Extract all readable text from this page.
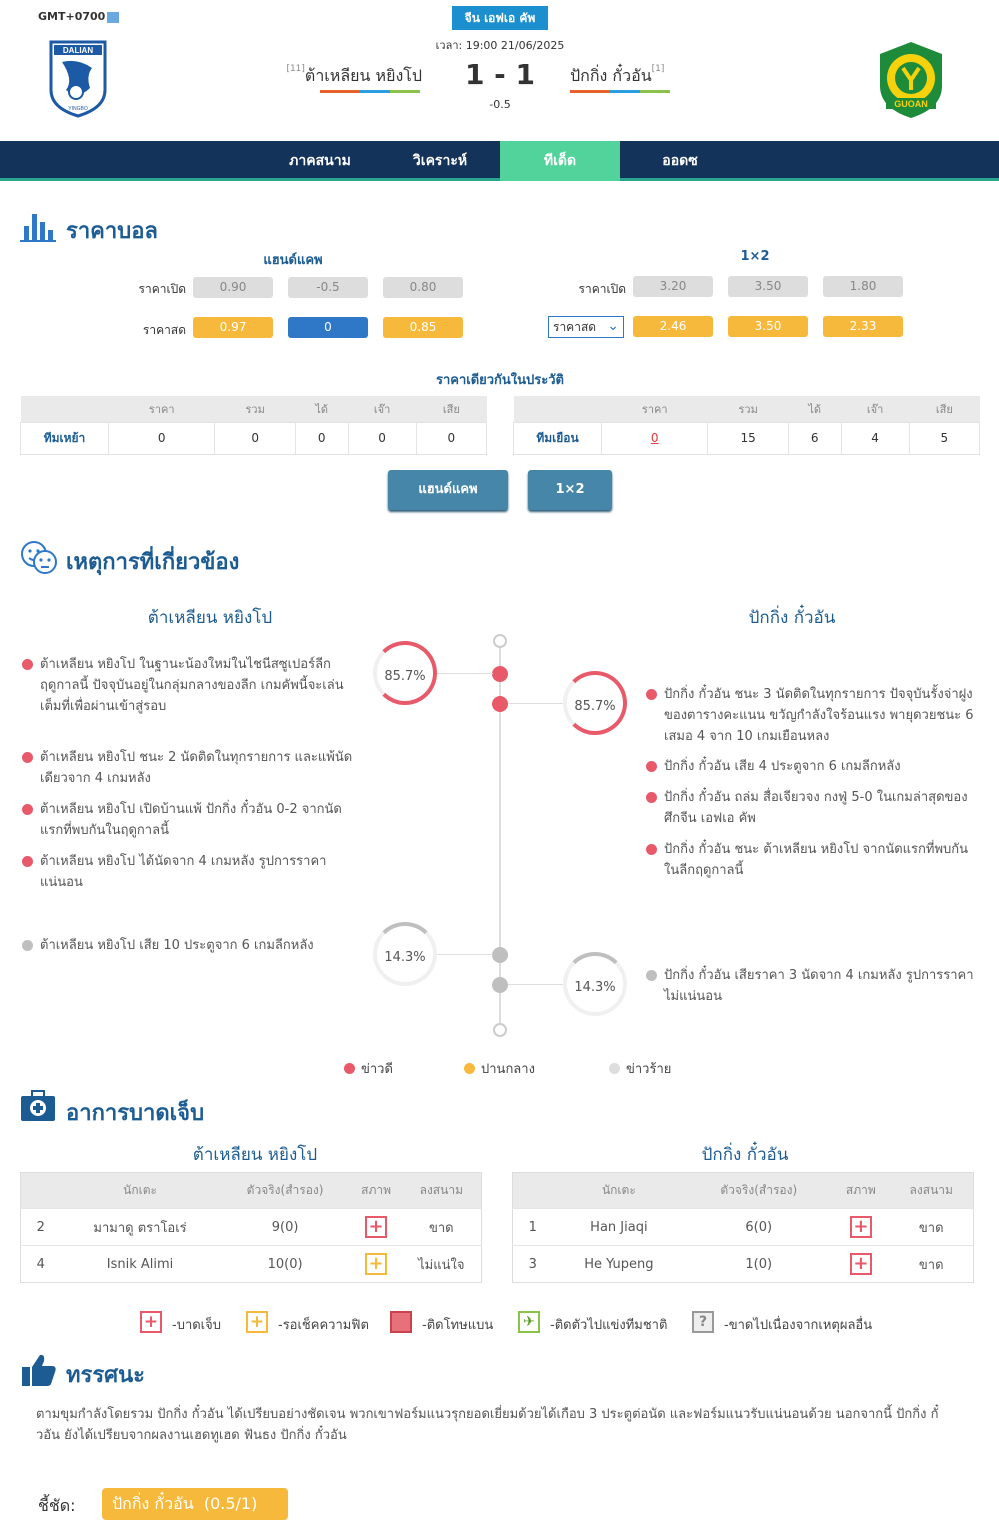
GMT+0700	จีน เอฟเอ คัพ
เวลา: 19:00 21/06/2025
DALIAN
YINGBO
[11]ต้าเหลียน หยิงโป	1 - 1
-0.5
ปักกิ่ง กั๋วอัน[1]
GUOAN
ภาคสนาม	วิเคราะห์	ทีเด็ด	ออดซ
ราคาบอล
แฮนด์แคพ	1×2
ราคาเปิด	0.90	-0.5	0.80
ราคาสด	0.97	0	0.85
ราคาเปิด	3.20	3.50	1.80
ราคาสด ⌄	2.46	3.50	2.33
ราคาเดียวกันในประวัติ
	ราคา	รวม	ได้	เจ๊า	เสีย
ทีมเหย้า	0	0	0	0	0
	ราคา	รวม	ได้	เจ๊า	เสีย
ทีมเยือน	0	15	6	4	5
แฮนด์แคพ	1×2
เหตุการที่เกี่ยวข้อง
ต้าเหลียน หยิงโป	ปักกิ่ง กั๋วอัน
85.7%
85.7%
14.3%
14.3%
ต้าเหลียน หยิงโป ในฐานะน้องใหม่ในไชนีสซูเปอร์ลีกฤดูกาลนี้ ปัจจุบันอยู่ในกลุ่มกลางของลีก เกมคัพนี้จะเล่นเต็มที่เพื่อผ่านเข้าสู่รอบ
ต้าเหลียน หยิงโป ชนะ 2 นัดติดในทุกรายการ และแพ้นัดเดียวจาก 4 เกมหลัง
ต้าเหลียน หยิงโป เปิดบ้านแพ้ ปักกิ่ง กั๋วอัน 0-2 จากนัดแรกที่พบกันในฤดูกาลนี้
ต้าเหลียน หยิงโป ได้นัดจาก 4 เกมหลัง รูปการราคาแน่นอน
ต้าเหลียน หยิงโป เสีย 10 ประตูจาก 6 เกมลีกหลัง
ปักกิ่ง กั๋วอัน ชนะ 3 นัดติดในทุกรายการ ปัจจุบันรั้งจ่าฝูงของตารางคะแนน ขวัญกำลังใจร้อนแรง พายุดวยชนะ 6 เสมอ 4 จาก 10 เกมเยือนหลง
ปักกิ่ง กั๋วอัน เสีย 4 ประตูจาก 6 เกมลีกหลัง
ปักกิ่ง กั๋วอัน ถล่ม สื่อเจียวจง กงฟู่ 5-0 ในเกมล่าสุดของศึกจีน เอฟเอ คัพ
ปักกิ่ง กั๋วอัน ชนะ ต้าเหลียน หยิงโป จากนัดแรกที่พบกันในลีกฤดูกาลนี้
ปักกิ่ง กั๋วอัน เสียราคา 3 นัดจาก 4 เกมหลัง รูปการราคาไม่แน่นอน
ข่าวดี	ปานกลาง	ข่าวร้าย
อาการบาดเจ็บ
ต้าเหลียน หยิงโป	ปักกิ่ง กั๋วอัน
	นักเตะ	ตัวจริง(สำรอง)	สภาพ	ลงสนาม
2	มามาดู ตราโอเร่	9(0)	+	ขาด
4	Isnik Alimi	10(0)	+	ไม่แน่ใจ
	นักเตะ	ตัวจริง(สำรอง)	สภาพ	ลงสนาม
1	Han Jiaqi	6(0)	+	ขาด
3	He Yupeng	1(0)	+	ขาด
+ -บาดเจ็บ + -รอเช็คความฟิต	-ติดโทษแบน	✈	-ติดตัวไปแข่งทีมชาติ	?	-ขาดไปเนื่องจากเหตุผลอื่น
ทรรศนะ
ตามขุมกำลังโดยรวม ปักกิ่ง กั๋วอัน ได้เปรียบอย่างชัดเจน พวกเขาฟอร์มแนวรุกยอดเยี่ยมด้วยได้เกือบ 3 ประตูต่อนัด และฟอร์มแนวรับแน่นอนด้วย นอกจากนี้ ปักกิ่ง กั๋วอัน ยังได้เปรียบจากผลงานเฮดทูเฮด ฟันธง ปักกิ่ง กั๋วอัน
ชี้ชัด:	ปักกิ่ง กั๋วอัน  (0.5/1)
